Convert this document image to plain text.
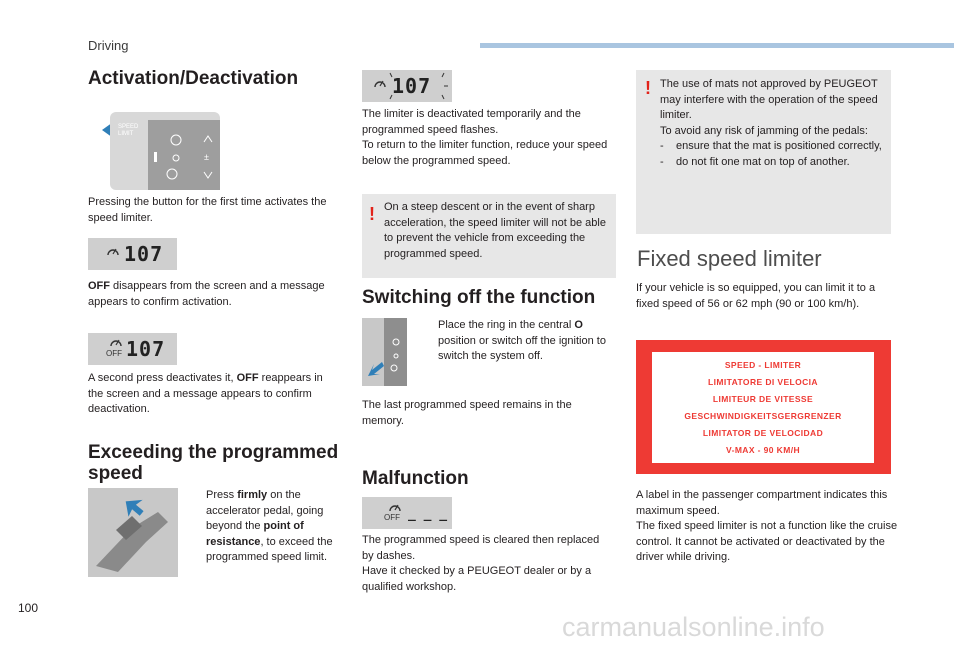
Driving
Activation/Deactivation
±
SPEED
LIMIT
Pressing the button for the first time activates the speed limiter.
107
OFF disappears from the screen and a message appears to confirm activation.
OFF 107
A second press deactivates it, OFF reappears in the screen and a message appears to confirm deactivation.
Exceeding the programmed speed
Press firmly on the accelerator pedal, going beyond the point of resistance, to exceed the programmed speed limit.
107
The limiter is deactivated temporarily and the programmed speed flashes.
To return to the limiter function, reduce your speed below the programmed speed.
! On a steep descent or in the event of sharp acceleration, the speed limiter will not be able to prevent the vehicle from exceeding the programmed speed.
Switching off the function
Place the ring in the central O position or switch off the ignition to switch the system off.
The last programmed speed remains in the memory.
Malfunction
OFF _ _ _
The programmed speed is cleared then replaced by dashes.
Have it checked by a PEUGEOT dealer or by a qualified workshop.
! The use of mats not approved by PEUGEOT may interfere with the operation of the speed limiter.
To avoid any risk of jamming of the pedals:
- ensure that the mat is positioned correctly,
- do not fit one mat on top of another.
Fixed speed limiter
If your vehicle is so equipped, you can limit it to a fixed speed of 56 or 62 mph (90 or 100 km/h).
SPEED - LIMITER
LIMITATORE DI VELOCIA
LIMITEUR DE VITESSE
GESCHWINDIGKEITSGERGRENZER
LIMITATOR DE VELOCIDAD
V-MAX - 90 KM/H
A label in the passenger compartment indicates this maximum speed.
The fixed speed limiter is not a function like the cruise control. It cannot be activated or deactivated by the driver while driving.
100
carmanualsonline.info
